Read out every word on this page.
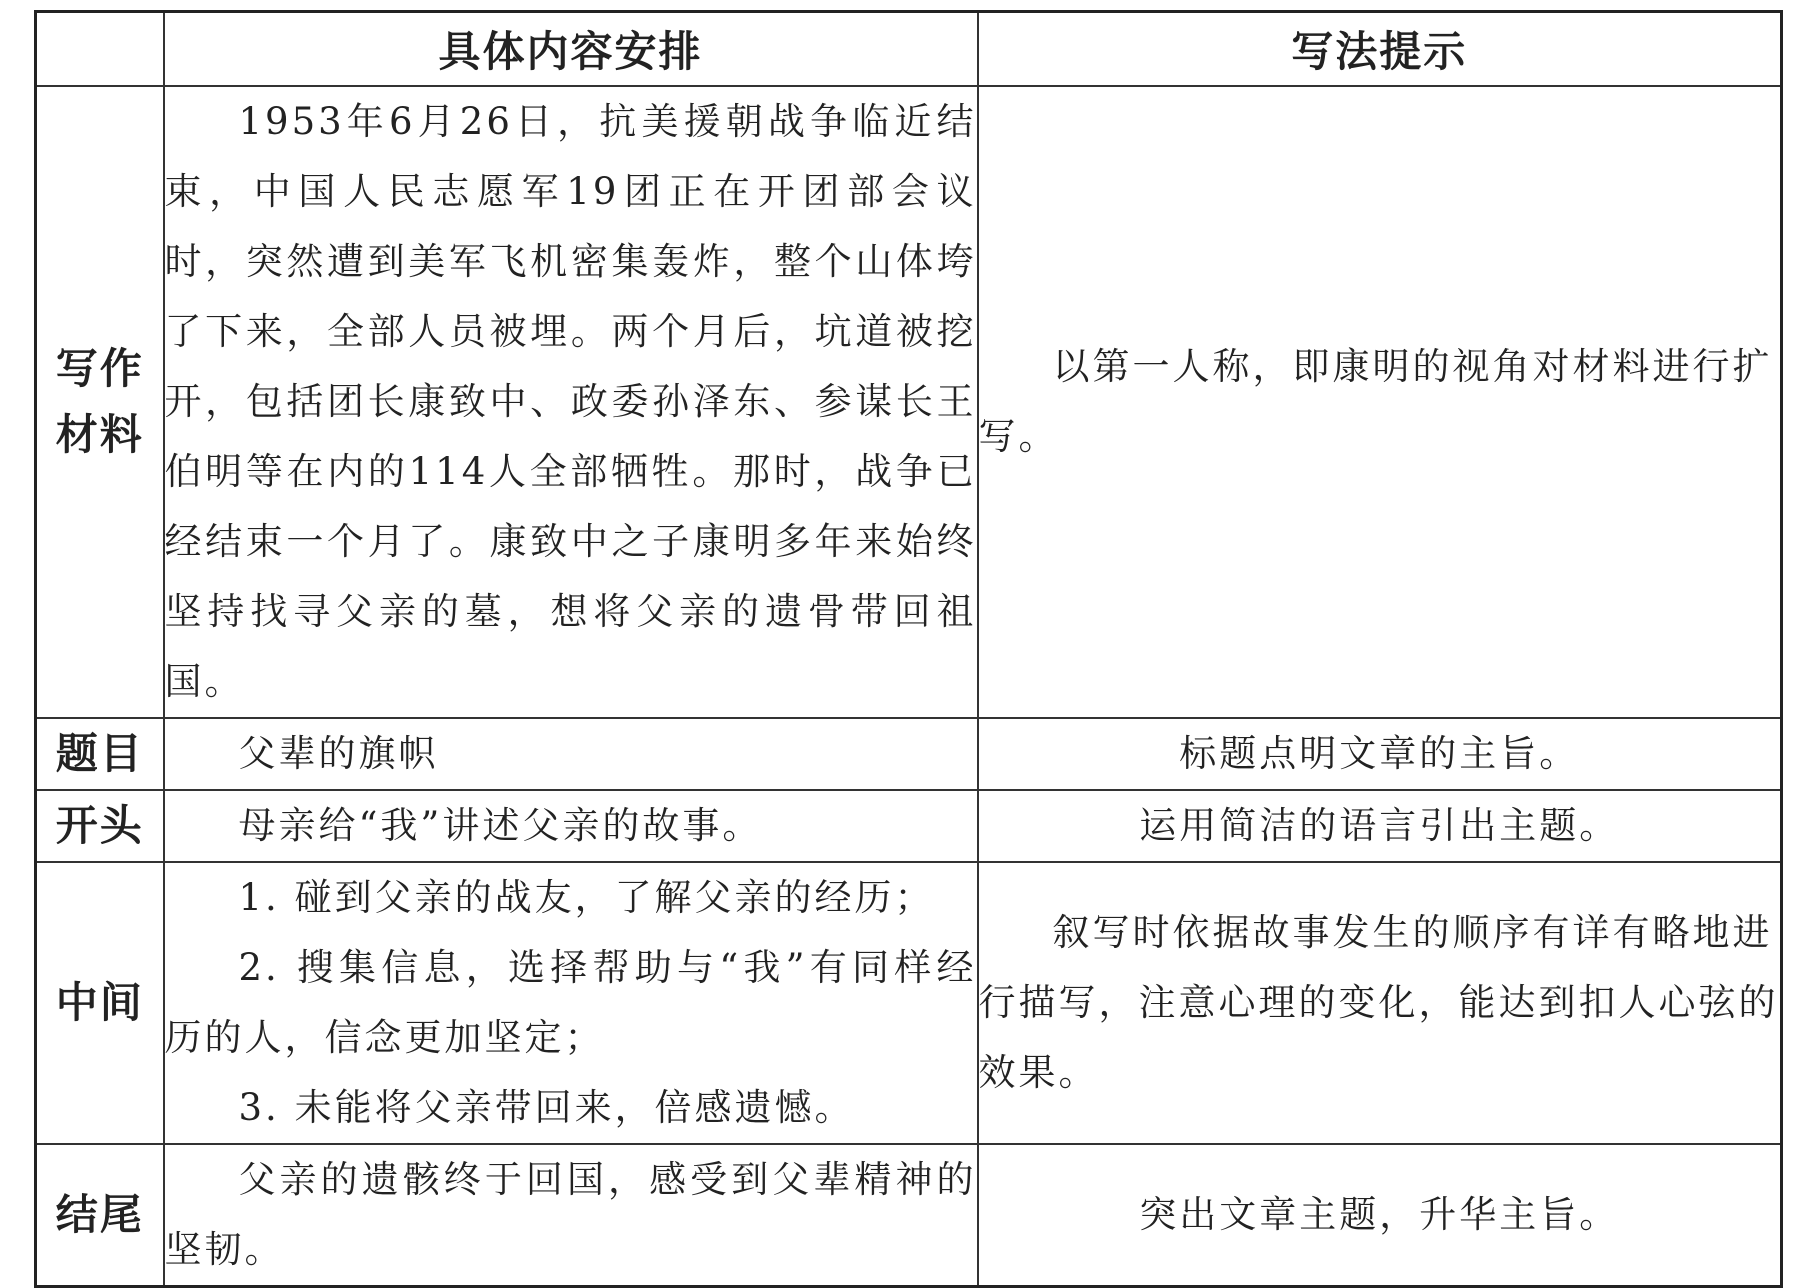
	具体内容安排	写法提示

写作材料	1953年6月26日，抗美援朝战争临近结束，中国人民志愿军19团正在开团部会议时，突然遭到美军飞机密集轰炸，整个山体垮了下来，全部人员被埋。两个月后，坑道被挖开，包括团长康致中、政委孙泽东、参谋长王伯明等在内的114人全部牺牲。那时，战争已经结束一个月了。康致中之子康明多年来始终坚持找寻父亲的墓，想将父亲的遗骨带回祖国。	以第一人称，即康明的视角对材料进行扩写。

题目	父辈的旗帜	标题点明文章的主旨。

开头	母亲给“我”讲述父亲的故事。	运用简洁的语言引出主题。

中间	1. 碰到父亲的战友，了解父亲的经历；
2. 搜集信息，选择帮助与“我”有同样经历的人，信念更加坚定；
3. 未能将父亲带回来，倍感遗憾。	叙写时依据故事发生的顺序有详有略地进行描写，注意心理的变化，能达到扣人心弦的效果。

结尾	父亲的遗骸终于回国，感受到父辈精神的坚韧。	突出文章主题，升华主旨。
